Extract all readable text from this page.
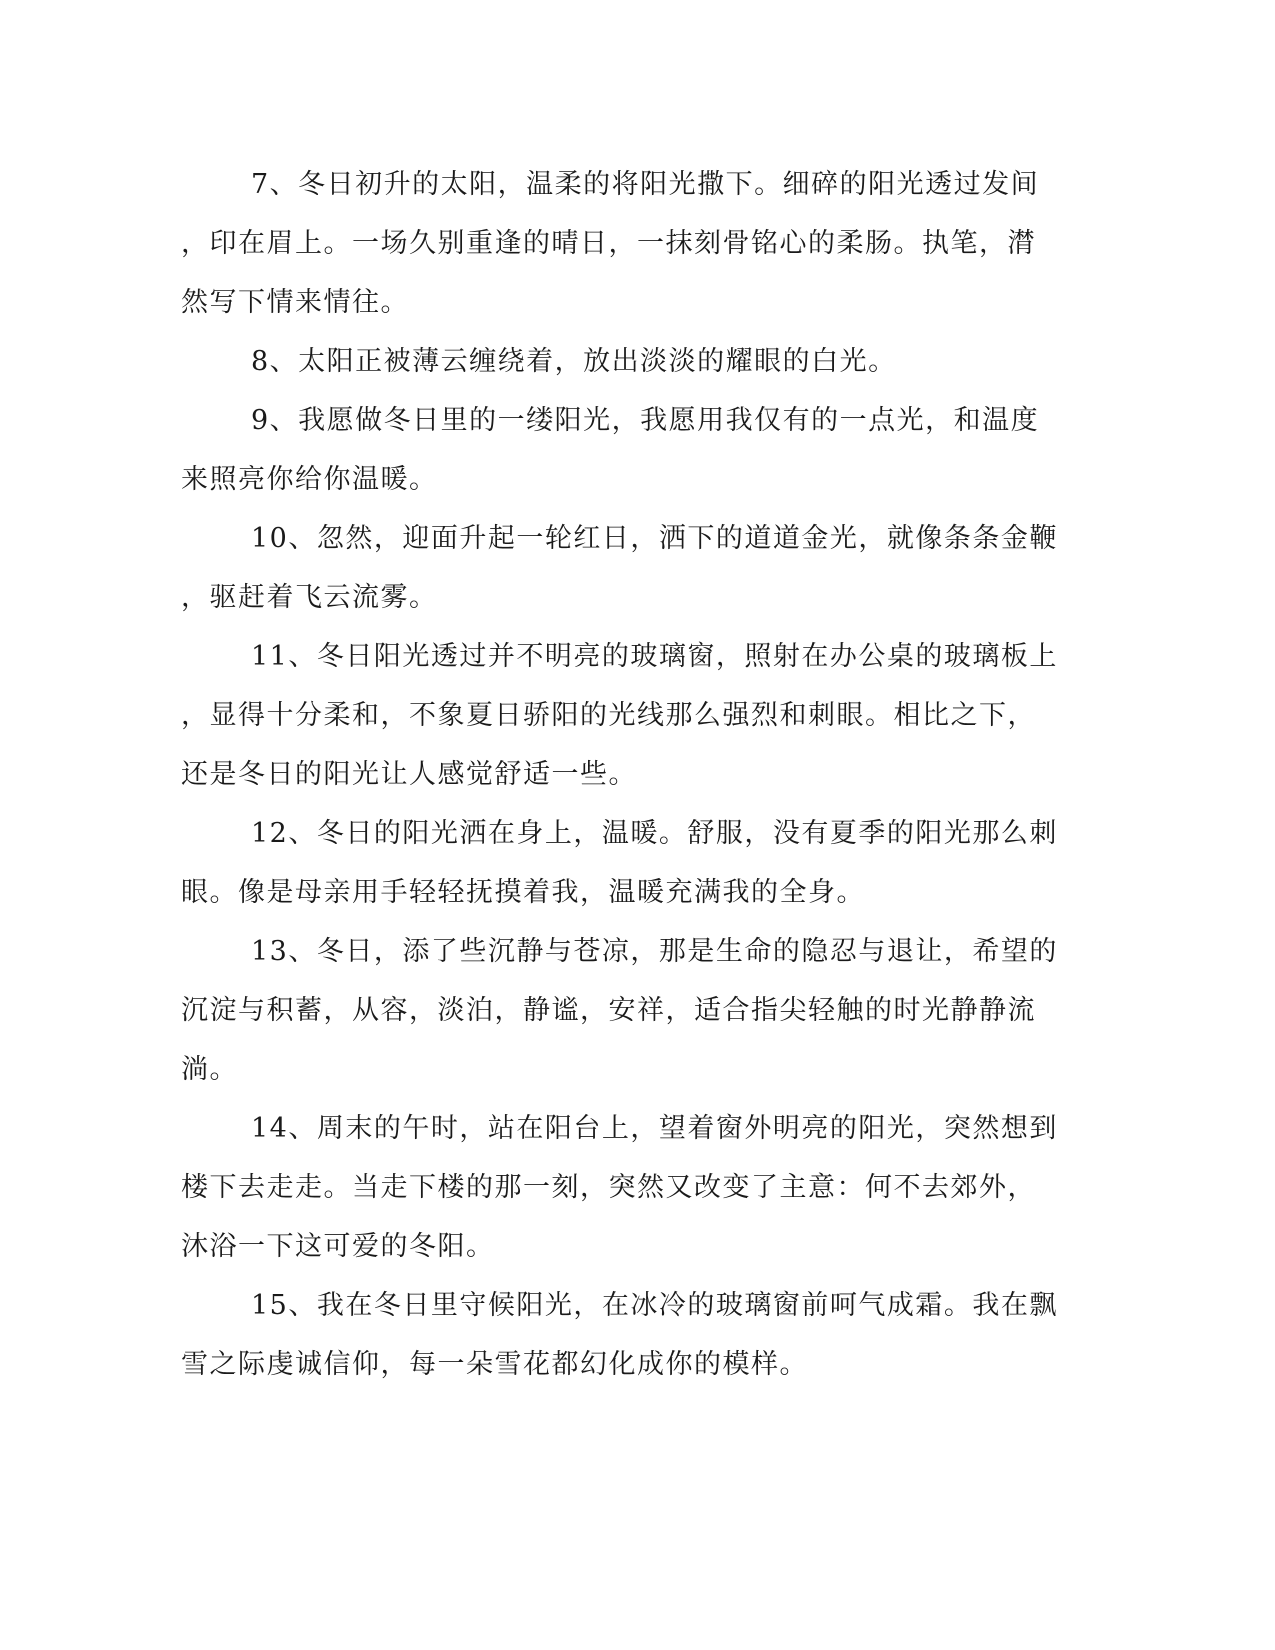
7、冬日初升的太阳，温柔的将阳光撒下。细碎的阳光透过发间
，印在眉上。一场久别重逢的晴日，一抹刻骨铭心的柔肠。执笔，潸
然写下情来情往。
8、太阳正被薄云缠绕着，放出淡淡的耀眼的白光。
9、我愿做冬日里的一缕阳光，我愿用我仅有的一点光，和温度
来照亮你给你温暖。
10、忽然，迎面升起一轮红日，洒下的道道金光，就像条条金鞭
，驱赶着飞云流雾。
11、冬日阳光透过并不明亮的玻璃窗，照射在办公桌的玻璃板上
，显得十分柔和，不象夏日骄阳的光线那么强烈和刺眼。相比之下，
还是冬日的阳光让人感觉舒适一些。
12、冬日的阳光洒在身上，温暖。舒服，没有夏季的阳光那么刺
眼。像是母亲用手轻轻抚摸着我，温暖充满我的全身。
13、冬日，添了些沉静与苍凉，那是生命的隐忍与退让，希望的
沉淀与积蓄，从容，淡泊，静谧，安祥，适合指尖轻触的时光静静流
淌。
14、周末的午时，站在阳台上，望着窗外明亮的阳光，突然想到
楼下去走走。当走下楼的那一刻，突然又改变了主意：何不去郊外，
沐浴一下这可爱的冬阳。
15、我在冬日里守候阳光，在冰冷的玻璃窗前呵气成霜。我在飘
雪之际虔诚信仰，每一朵雪花都幻化成你的模样。
